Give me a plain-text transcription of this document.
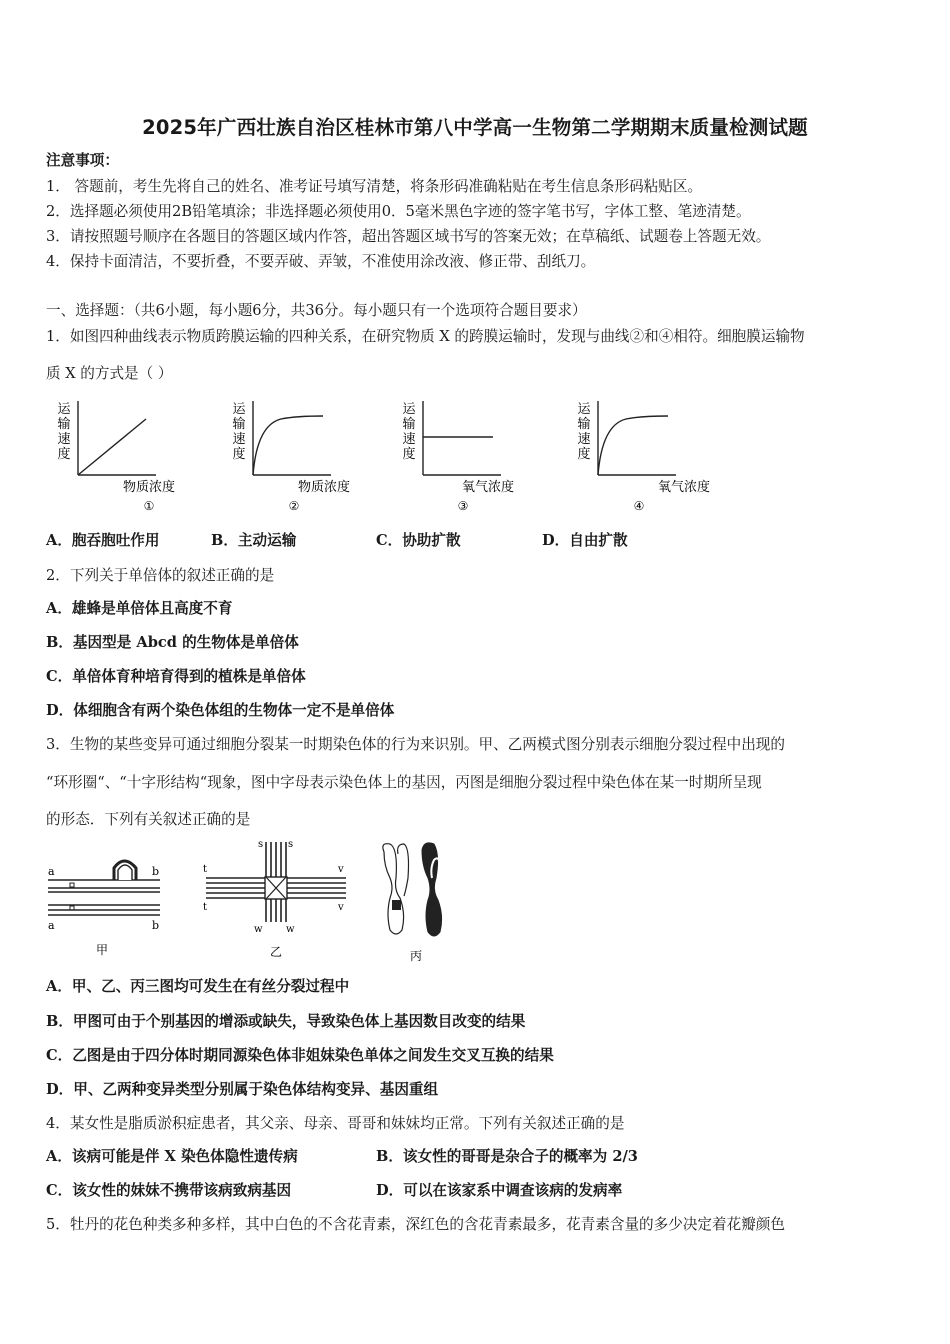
2025年广西壮族自治区桂林市第八中学高一生物第二学期期末质量检测试题
注意事项：
1． 答题前，考生先将自己的姓名、准考证号填写清楚，将条形码准确粘贴在考生信息条形码粘贴区。
2．选择题必须使用2B铅笔填涂；非选择题必须使用0．5毫米黑色字迹的签字笔书写，字体工整、笔迹清楚。
3．请按照题号顺序在各题目的答题区域内作答，超出答题区域书写的答案无效；在草稿纸、试题卷上答题无效。
4．保持卡面清洁，不要折叠，不要弄破、弄皱，不准使用涂改液、修正带、刮纸刀。
一、选择题：（共6小题，每小题6分，共36分。每小题只有一个选项符合题目要求）
1．如图四种曲线表示物质跨膜运输的四种关系，在研究物质 X 的跨膜运输时，发现与曲线②和④相符。细胞膜运输物
质 X 的方式是（ ）
运
输
速
度
物质浓度
①
运
输
速
度
物质浓度
②
运
输
速
度
氧气浓度
③
运
输
速
度
氧气浓度
④
A．胞吞胞吐作用	B．主动运输	C．协助扩散	D．自由扩散
2．下列关于单倍体的叙述正确的是
A．雄蜂是单倍体且高度不育
B．基因型是 Abcd 的生物体是单倍体
C．单倍体育种培育得到的植株是单倍体
D．体细胞含有两个染色体组的生物体一定不是单倍体
3．生物的某些变异可通过细胞分裂某一时期染色体的行为来识别。甲、乙两模式图分别表示细胞分裂过程中出现的
“环形圈“、“十字形结构“现象，图中字母表示染色体上的基因，丙图是细胞分裂过程中染色体在某一时期所呈现
的形态．下列有关叙述正确的是
a	b
a	b
甲
s s
t
t
v
v
w w
乙	丙
A．甲、乙、丙三图均可发生在有丝分裂过程中
B．甲图可由于个别基因的增添或缺失，导致染色体上基因数目改变的结果
C．乙图是由于四分体时期同源染色体非姐妹染色单体之间发生交叉互换的结果
D．甲、乙两种变异类型分别属于染色体结构变异、基因重组
4．某女性是脂质淤积症患者，其父亲、母亲、哥哥和妹妹均正常。下列有关叙述正确的是
A．该病可能是伴 X 染色体隐性遗传病	B．该女性的哥哥是杂合子的概率为 2/3
C．该女性的妹妹不携带该病致病基因	D．可以在该家系中调查该病的发病率
5．牡丹的花色种类多种多样，其中白色的不含花青素，深红色的含花青素最多，花青素含量的多少决定着花瓣颜色
